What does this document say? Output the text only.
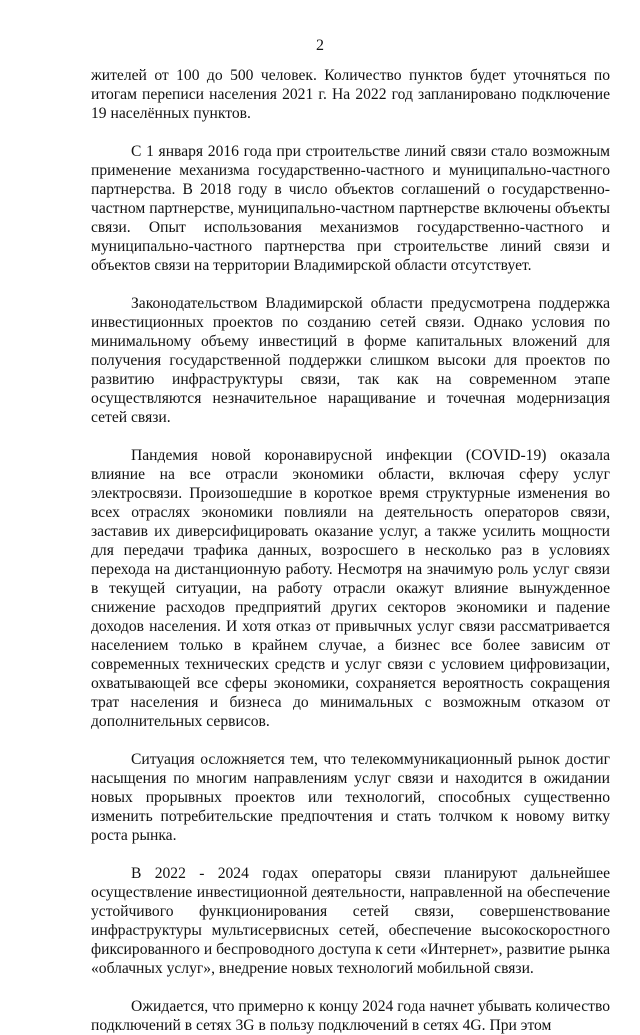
2

жителей от 100 до 500 человек. Количество пунктов будет уточняться по итогам переписи населения 2021 г. На 2022 год запланировано подключение 19 населённых пунктов.

С 1 января 2016 года при строительстве линий связи стало возможным применение механизма государственно-частного и муниципально-частного партнерства. В 2018 году в число объектов соглашений о государственно-частном партнерстве, муниципально-частном партнерстве включены объекты связи. Опыт использования механизмов государственно-частного и муниципально-частного партнерства при строительстве линий связи и объектов связи на территории Владимирской области отсутствует.

Законодательством Владимирской области предусмотрена поддержка инвестиционных проектов по созданию сетей связи. Однако условия по минимальному объему инвестиций в форме капитальных вложений для получения государственной поддержки слишком высоки для проектов по развитию инфраструктуры связи, так как на современном этапе осуществляются незначительное наращивание и точечная модернизация сетей связи.

Пандемия новой коронавирусной инфекции (COVID-19) оказала влияние на все отрасли экономики области, включая сферу услуг электросвязи. Произошедшие в короткое время структурные изменения во всех отраслях экономики повлияли на деятельность операторов связи, заставив их диверсифицировать оказание услуг, а также усилить мощности для передачи трафика данных, возросшего в несколько раз в условиях перехода на дистанционную работу. Несмотря на значимую роль услуг связи в текущей ситуации, на работу отрасли окажут влияние вынужденное снижение расходов предприятий других секторов экономики и падение доходов населения. И хотя отказ от привычных услуг связи рассматривается населением только в крайнем случае, а бизнес все более зависим от современных технических средств и услуг связи с условием цифровизации, охватывающей все сферы экономики, сохраняется вероятность сокращения трат населения и бизнеса до минимальных с возможным отказом от дополнительных сервисов.

Ситуация осложняется тем, что телекоммуникационный рынок достиг насыщения по многим направлениям услуг связи и находится в ожидании новых прорывных проектов или технологий, способных существенно изменить потребительские предпочтения и стать толчком к новому витку роста рынка.

В 2022 - 2024 годах операторы связи планируют дальнейшее осуществление инвестиционной деятельности, направленной на обеспечение устойчивого функционирования сетей связи, совершенствование инфраструктуры мультисервисных сетей, обеспечение высокоскоростного фиксированного и беспроводного доступа к сети «Интернет», развитие рынка «облачных услуг», внедрение новых технологий мобильной связи.

Ожидается, что примерно к концу 2024 года начнет убывать количество подключений в сетях 3G в пользу подключений в сетях 4G. При этом
